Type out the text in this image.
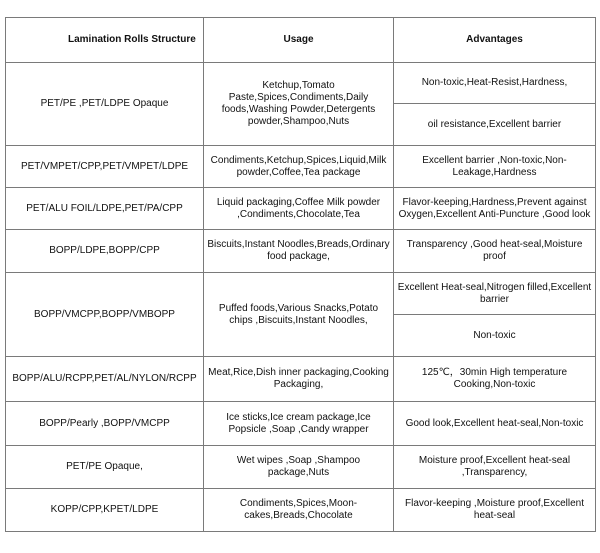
Lamination Rolls Structure	Usage	Advantages
PET/PE ,PET/LDPE Opaque	Ketchup,Tomato Paste,Spices,Condiments,Daily foods,Washing Powder,Detergents powder,Shampoo,Nuts	Non-toxic,Heat-Resist,Hardness,
		oil resistance,Excellent barrier
PET/VMPET/CPP,PET/VMPET/LDPE	Condiments,Ketchup,Spices,Liquid,Milk powder,Coffee,Tea package	Excellent barrier ,Non-toxic,Non-Leakage,Hardness
PET/ALU FOIL/LDPE,PET/PA/CPP	Liquid packaging,Coffee Milk powder ,Condiments,Chocolate,Tea	Flavor-keeping,Hardness,Prevent against Oxygen,Excellent Anti-Puncture ,Good look
BOPP/LDPE,BOPP/CPP	Biscuits,Instant Noodles,Breads,Ordinary food package,	Transparency ,Good heat-seal,Moisture proof
BOPP/VMCPP,BOPP/VMBOPP	Puffed foods,Various Snacks,Potato chips ,Biscuits,Instant Noodles,	Excellent Heat-seal,Nitrogen filled,Excellent barrier
		Non-toxic
BOPP/ALU/RCPP,PET/AL/NYLON/RCPP	Meat,Rice,Dish inner packaging,Cooking Packaging,	125℃，30min High temperature Cooking,Non-toxic
BOPP/Pearly ,BOPP/VMCPP	Ice sticks,Ice cream package,Ice Popsicle ,Soap ,Candy wrapper	Good look,Excellent heat-seal,Non-toxic
PET/PE Opaque,	Wet wipes ,Soap ,Shampoo package,Nuts	Moisture proof,Excellent heat-seal ,Transparency,
KOPP/CPP,KPET/LDPE	Condiments,Spices,Moon-cakes,Breads,Chocolate	Flavor-keeping ,Moisture proof,Excellent heat-seal
